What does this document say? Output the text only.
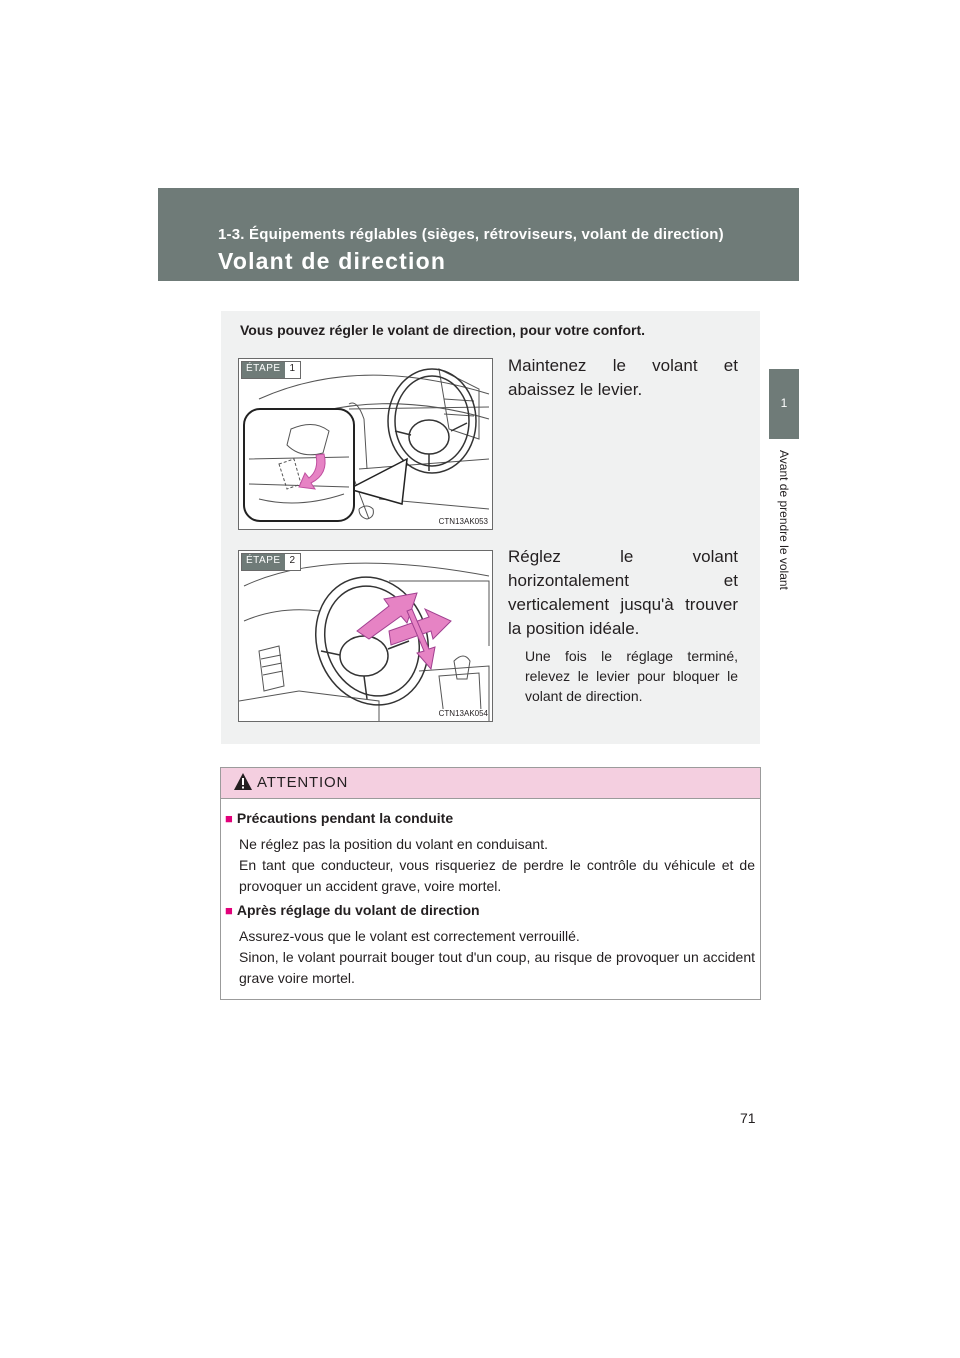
1-3. Équipements réglables (sièges, rétroviseurs, volant de direction)
Volant de direction
1
Avant de prendre le volant
Vous pouvez régler le volant de direction, pour votre confort.
ÉTAPE 1
CTN13AK053
Maintenez le volant et abaissez le levier.
ÉTAPE 2
CTN13AK054
Réglez le volant horizontalement et verticalement jusqu'à trouver la position idéale.
Une fois le réglage terminé, relevez le levier pour bloquer le volant de direction.
ATTENTION
■ Précautions pendant la conduite
Ne réglez pas la position du volant en conduisant.
En tant que conducteur, vous risqueriez de perdre le contrôle du véhicule et de provoquer un accident grave, voire mortel.
■ Après réglage du volant de direction
Assurez-vous que le volant est correctement verrouillé.
Sinon, le volant pourrait bouger tout d'un coup, au risque de provoquer un accident grave voire mortel.
71
